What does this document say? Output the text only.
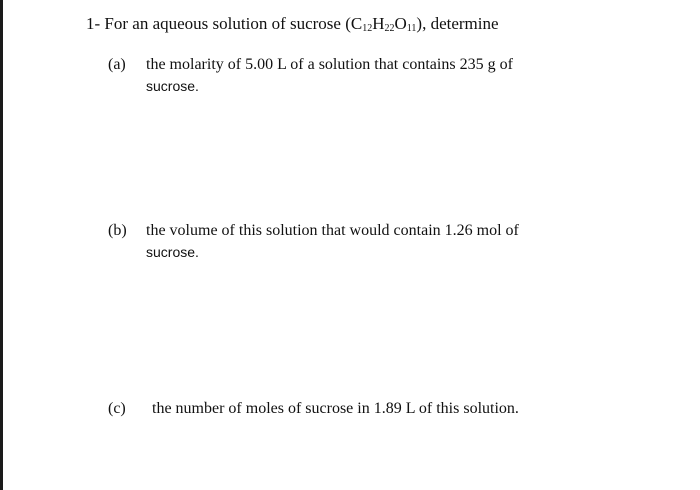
1- For an aqueous solution of sucrose $(C_{12}H_{22}O_{11})$, determine
(a) the molarity of 5.00 L of a solution that contains 235 g of
sucrose.
(b) the volume of this solution that would contain 1.26 mol of
sucrose.
(c) the number of moles of sucrose in 1.89 L of this solution.
